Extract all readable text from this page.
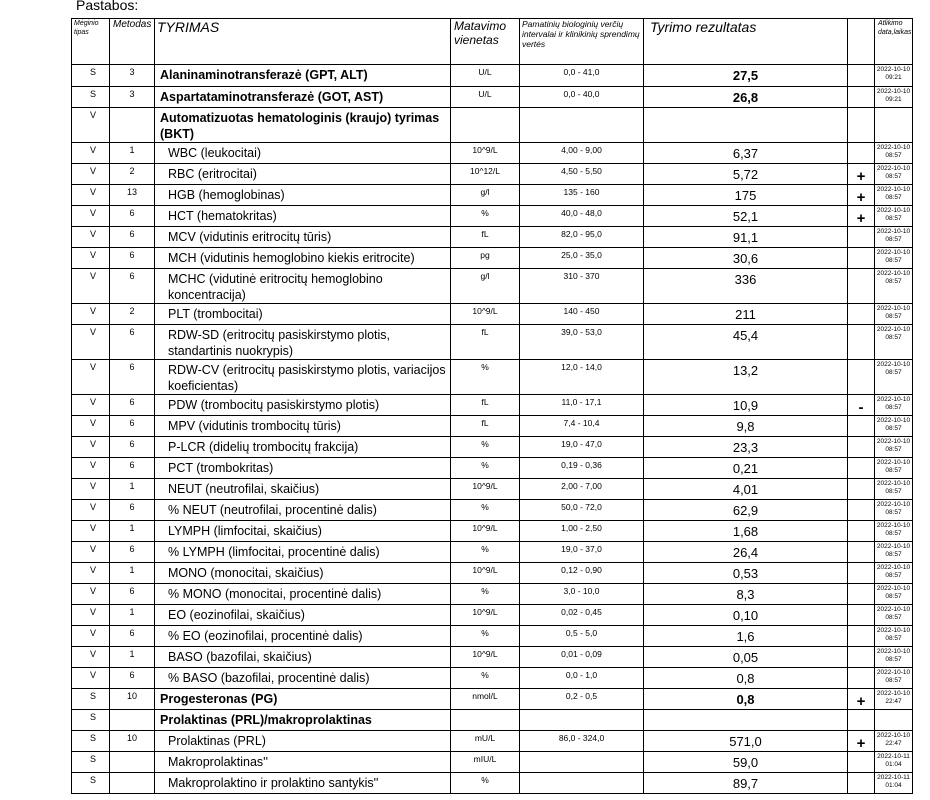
Pastabos:
Mėginio tipas	Metodas	TYRIMAS	Matavimo vienetas	Pamatinių biologinių verčių intervalai ir klinikinių sprendimų vertės	Tyrimo rezultatas		Atlikimo data,laikas
S	3	Alaninaminotransferazė (GPT, ALT)	U/L	0,0 - 41,0	27,5		2022-10-10 09:21
S	3	Aspartataminotransferazė (GOT, AST)	U/L	0,0 - 40,0	26,8		2022-10-10 09:21
V		Automatizuotas hematologinis (kraujo) tyrimas (BKT)					
V	1	WBC (leukocitai)	10^9/L	4,00 - 9,00	6,37		2022-10-10 08:57
V	2	RBC (eritrocitai)	10^12/L	4,50 - 5,50	5,72	+	2022-10-10 08:57
V	13	HGB (hemoglobinas)	g/l	135 - 160	175	+	2022-10-10 08:57
V	6	HCT (hematokritas)	%	40,0 - 48,0	52,1	+	2022-10-10 08:57
V	6	MCV (vidutinis eritrocitų tūris)	fL	82,0 - 95,0	91,1		2022-10-10 08:57
V	6	MCH (vidutinis hemoglobino kiekis eritrocite)	pg	25,0 - 35,0	30,6		2022-10-10 08:57
V	6	MCHC (vidutinė eritrocitų hemoglobino koncentracija)	g/l	310 - 370	336		2022-10-10 08:57
V	2	PLT (trombocitai)	10^9/L	140 - 450	211		2022-10-10 08:57
V	6	RDW-SD (eritrocitų pasiskirstymo plotis, standartinis nuokrypis)	fL	39,0 - 53,0	45,4		2022-10-10 08:57
V	6	RDW-CV (eritrocitų pasiskirstymo plotis, variacijos koeficientas)	%	12,0 - 14,0	13,2		2022-10-10 08:57
V	6	PDW (trombocitų pasiskirstymo plotis)	fL	11,0 - 17,1	10,9	-	2022-10-10 08:57
V	6	MPV (vidutinis trombocitų tūris)	fL	7,4 - 10,4	9,8		2022-10-10 08:57
V	6	P-LCR (didelių trombocitų frakcija)	%	19,0 - 47,0	23,3		2022-10-10 08:57
V	6	PCT (trombokritas)	%	0,19 - 0,36	0,21		2022-10-10 08:57
V	1	NEUT (neutrofilai, skaičius)	10^9/L	2,00 - 7,00	4,01		2022-10-10 08:57
V	6	% NEUT (neutrofilai, procentinė dalis)	%	50,0 - 72,0	62,9		2022-10-10 08:57
V	1	LYMPH (limfocitai, skaičius)	10^9/L	1,00 - 2,50	1,68		2022-10-10 08:57
V	6	% LYMPH (limfocitai, procentinė dalis)	%	19,0 - 37,0	26,4		2022-10-10 08:57
V	1	MONO (monocitai, skaičius)	10^9/L	0,12 - 0,90	0,53		2022-10-10 08:57
V	6	% MONO (monocitai, procentinė dalis)	%	3,0 - 10,0	8,3		2022-10-10 08:57
V	1	EO (eozinofilai, skaičius)	10^9/L	0,02 - 0,45	0,10		2022-10-10 08:57
V	6	% EO (eozinofilai, procentinė dalis)	%	0,5 - 5,0	1,6		2022-10-10 08:57
V	1	BASO (bazofilai, skaičius)	10^9/L	0,01 - 0,09	0,05		2022-10-10 08:57
V	6	% BASO (bazofilai, procentinė dalis)	%	0,0 - 1,0	0,8		2022-10-10 08:57
S	10	Progesteronas (PG)	nmol/L	0,2 - 0,5	0,8	+	2022-10-10 22:47
S		Prolaktinas (PRL)/makroprolaktinas					
S	10	Prolaktinas (PRL)	mU/L	86,0 - 324,0	571,0	+	2022-10-10 22:47
S		Makroprolaktinas''	mIU/L		59,0		2022-10-11 01:04
S		Makroprolaktino ir prolaktino santykis''	%		89,7		2022-10-11 01:04
